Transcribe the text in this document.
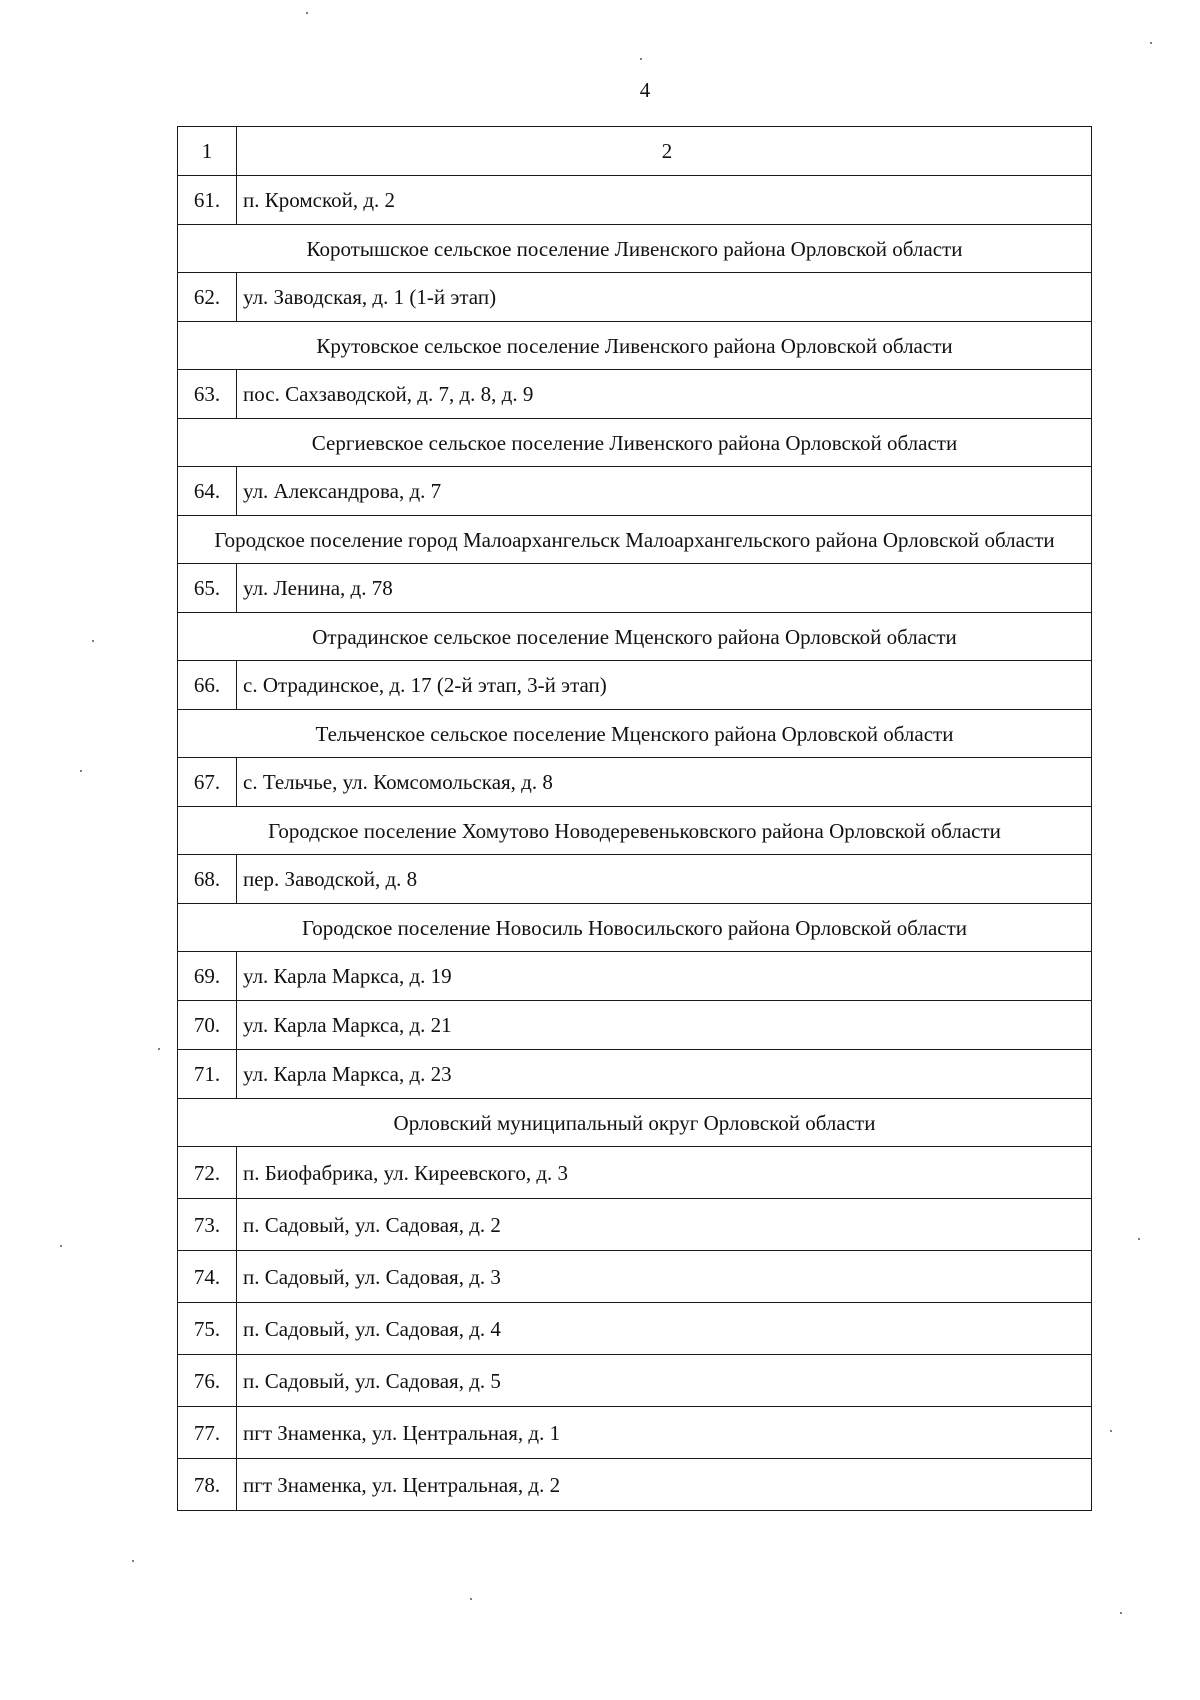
4
1	2
61.	п. Кромской, д. 2
Коротышское сельское поселение Ливенского района Орловской области	
62.	ул. Заводская, д. 1 (1-й этап)
Крутовское сельское поселение Ливенского района Орловской области	
63.	пос. Сахзаводской, д. 7, д. 8, д. 9
Сергиевское сельское поселение Ливенского района Орловской области	
64.	ул. Александрова, д. 7
Городское поселение город Малоархангельск Малоархангельского района Орловской области	
65.	ул. Ленина, д. 78
Отрадинское сельское поселение Мценского района Орловской области	
66.	с. Отрадинское, д. 17 (2-й этап, 3-й этап)
Тельченское сельское поселение Мценского района Орловской области	
67.	с. Тельчье, ул. Комсомольская, д. 8
Городское поселение Хомутово Новодеревеньковского района Орловской области	
68.	пер. Заводской, д. 8
Городское поселение Новосиль Новосильского района Орловской области	
69.	ул. Карла Маркса, д. 19
70.	ул. Карла Маркса, д. 21
71.	ул. Карла Маркса, д. 23
Орловский муниципальный округ Орловской области	
72.	п. Биофабрика, ул. Киреевского, д. 3
73.	п. Садовый, ул. Садовая, д. 2
74.	п. Садовый, ул. Садовая, д. 3
75.	п. Садовый, ул. Садовая, д. 4
76.	п. Садовый, ул. Садовая, д. 5
77.	пгт Знаменка, ул. Центральная, д. 1
78.	пгт Знаменка, ул. Центральная, д. 2
